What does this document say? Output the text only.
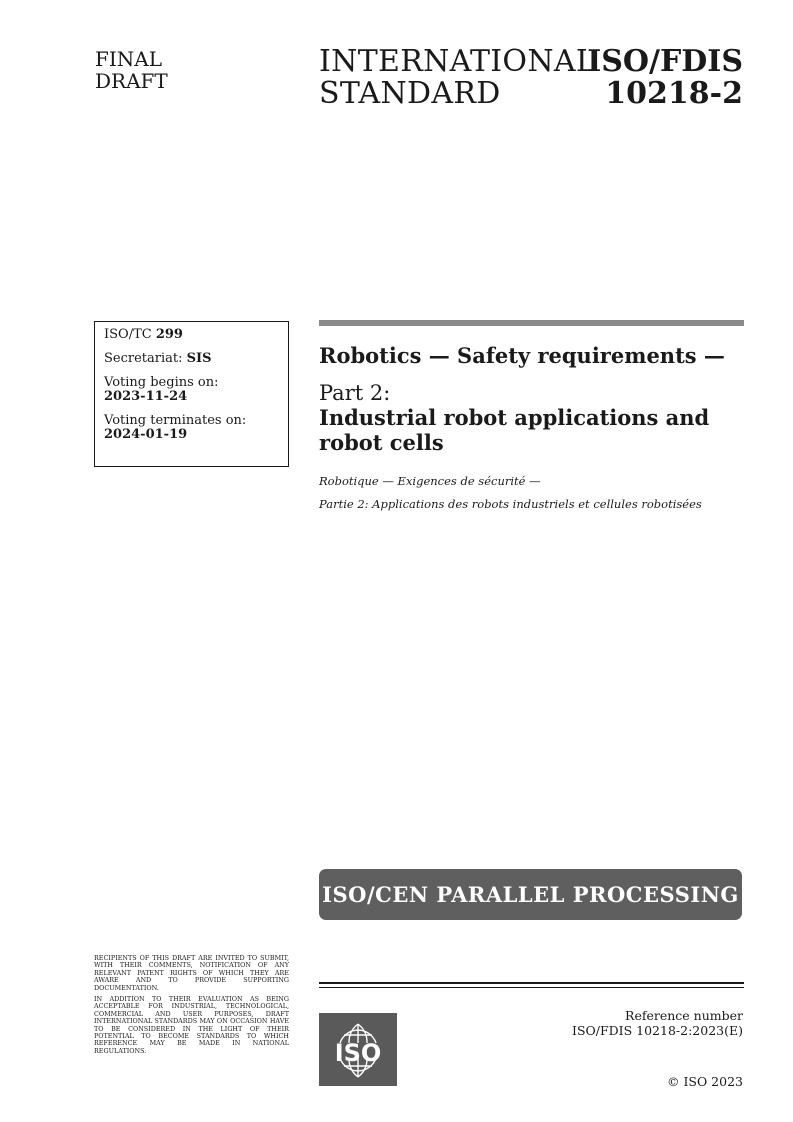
FINAL
DRAFT
INTERNATIONAL
STANDARD
ISO/FDIS
10218-2
ISO/TC 299
Secretariat: SIS
Voting begins on:
2023-11-24
Voting terminates on:
2024-01-19
Robotics — Safety requirements —
Part 2:
Industrial robot applications and robot cells
Robotique — Exigences de sécurité —
Partie 2: Applications des robots industriels et cellules robotisées
ISO/CEN PARALLEL PROCESSING

RECIPIENTS OF THIS DRAFT ARE INVITED TO SUBMIT, WITH THEIR COMMENTS, NOTIFICATION OF ANY RELEVANT PATENT RIGHTS OF WHICH THEY ARE AWARE AND TO PROVIDE SUPPORTING DOCUMENTATION.

IN ADDITION TO THEIR EVALUATION AS BEING ACCEPTABLE FOR INDUSTRIAL, TECHNOLOGICAL, COMMERCIAL AND USER PURPOSES, DRAFT INTERNATIONAL STANDARDS MAY ON OCCASION HAVE TO BE CONSIDERED IN THE LIGHT OF THEIR POTENTIAL TO BECOME STANDARDS TO WHICH REFERENCE MAY BE MADE IN NATIONAL REGULATIONS.	ISO
Reference number
ISO/FDIS 10218-2:2023(E)
© ISO 2023
